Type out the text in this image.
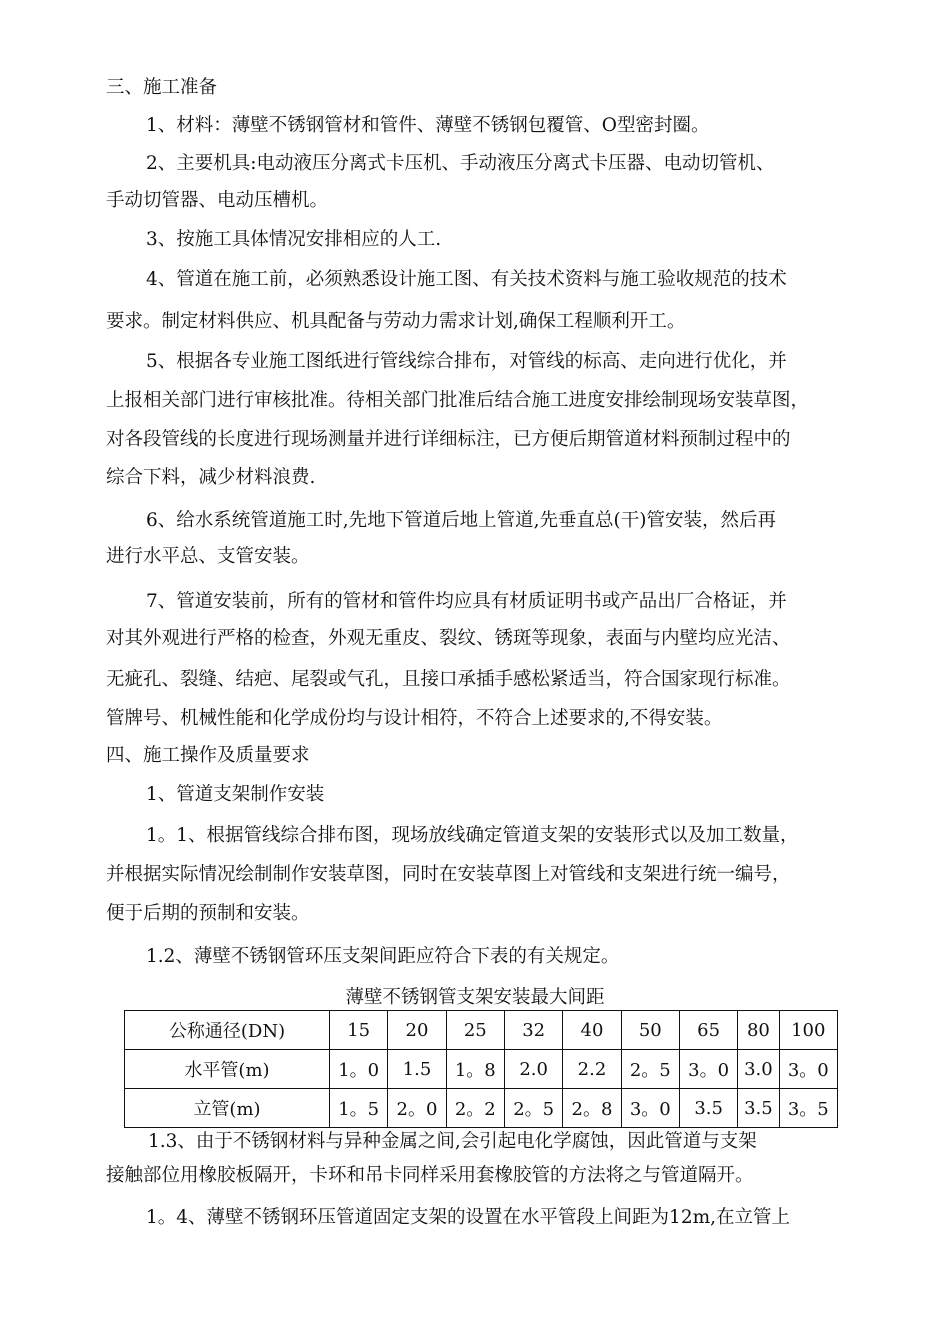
三、施工准备
1、材料：薄壁不锈钢管材和管件、薄壁不锈钢包覆管、O型密封圈。
2、主要机具:电动液压分离式卡压机、手动液压分离式卡压器、电动切管机、
手动切管器、电动压槽机。
3、按施工具体情况安排相应的人工.
4、管道在施工前，必须熟悉设计施工图、有关技术资料与施工验收规范的技术
要求。制定材料供应、机具配备与劳动力需求计划,确保工程顺利开工。
5、根据各专业施工图纸进行管线综合排布，对管线的标高、走向进行优化，并
上报相关部门进行审核批准。待相关部门批准后结合施工进度安排绘制现场安装草图，
对各段管线的长度进行现场测量并进行详细标注，已方便后期管道材料预制过程中的
综合下料，减少材料浪费.
6、给水系统管道施工时,先地下管道后地上管道,先垂直总(干)管安装，然后再
进行水平总、支管安装。
7、管道安装前，所有的管材和管件均应具有材质证明书或产品出厂合格证，并
对其外观进行严格的检查，外观无重皮、裂纹、锈斑等现象，表面与内壁均应光洁、
无疵孔、裂缝、结疤、尾裂或气孔，且接口承插手感松紧适当，符合国家现行标准。
管牌号、机械性能和化学成份均与设计相符，不符合上述要求的,不得安装。
四、施工操作及质量要求
1、管道支架制作安装
1。1、根据管线综合排布图，现场放线确定管道支架的安装形式以及加工数量，
并根据实际情况绘制制作安装草图，同时在安装草图上对管线和支架进行统一编号，
便于后期的预制和安装。
1.2、薄壁不锈钢管环压支架间距应符合下表的有关规定。
薄壁不锈钢管支架安装最大间距
公称通径(DN)	15	20	25	32	40	50	65	80	100
水平管(m)	1。0	1.5	1。8	2.0	2.2	2。5	3。0	3.0	3。0
立管(m)	1。5	2。0	2。2	2。5	2。8	3。0	3.5	3.5	3。5
1.3、由于不锈钢材料与异种金属之间,会引起电化学腐蚀，因此管道与支架
接触部位用橡胶板隔开，卡环和吊卡同样采用套橡胶管的方法将之与管道隔开。
1。4、薄壁不锈钢环压管道固定支架的设置在水平管段上间距为12m,在立管上
